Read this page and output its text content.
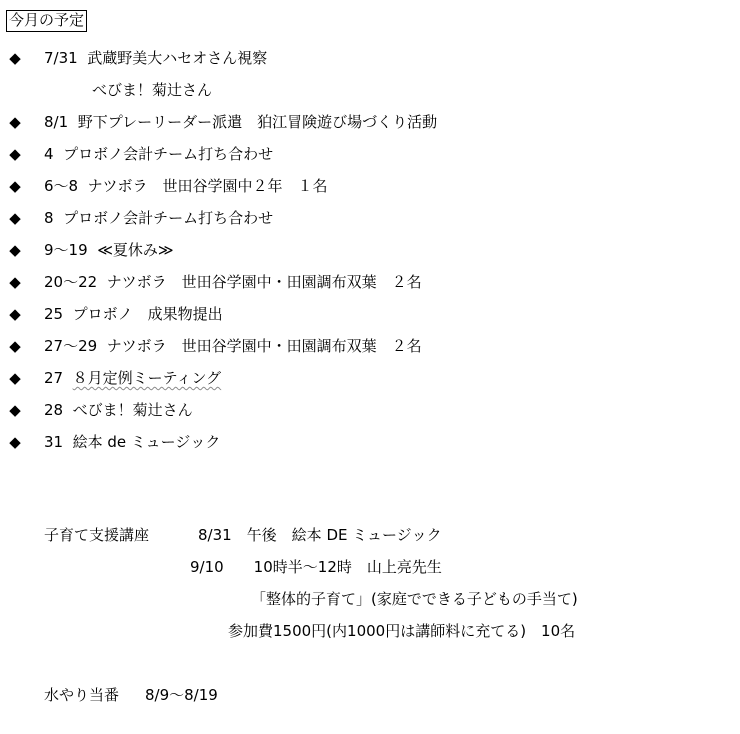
今月の予定
◆ 7/31 武蔵野美大ハセオさん視察
べびま！菊辻さん
◆ 8/1 野下プレーリーダー派遣　狛江冒険遊び場づくり活動
◆ 4 プロボノ会計チーム打ち合わせ
◆ 6～8 ナツボラ　世田谷学園中２年　１名
◆ 8 プロボノ会計チーム打ち合わせ
◆ 9～19 ≪夏休み≫
◆ 20～22 ナツボラ　世田谷学園中・田園調布双葉　２名
◆ 25 プロボノ　成果物提出
◆ 27～29 ナツボラ　世田谷学園中・田園調布双葉　２名
◆ 27 ８月定例ミーティング
◆ 28 べびま！菊辻さん
◆ 31 絵本 de ミュージック
子育て支援講座	8/31　午後　絵本 DE ミュージック
9/10　　10時半～12時　山上亮先生
「整体的子育て」(家庭でできる子どもの手当て)
参加費1500円(内1000円は講師料に充てる)　10名
水やり当番 8/9～8/19
